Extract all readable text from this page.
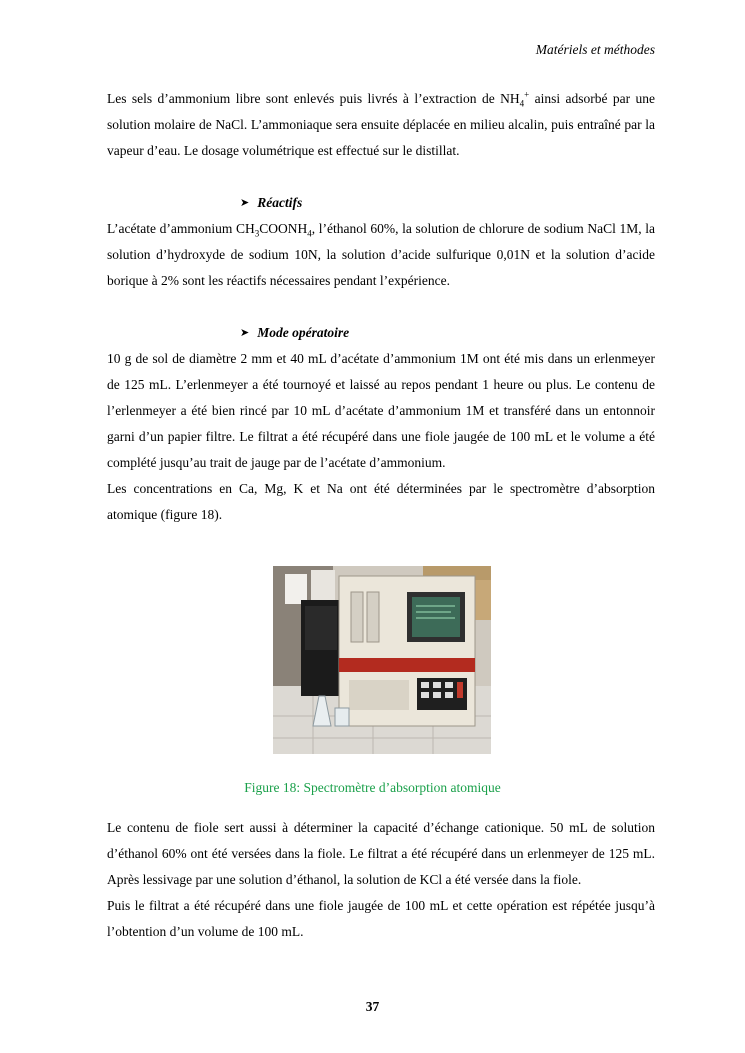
Matériels et méthodes

Les sels d’ammonium libre sont enlevés puis livrés à l’extraction de $NH_4^+$ ainsi adsorbé par une solution molaire de NaCl. L’ammoniaque sera ensuite déplacée en milieu alcalin, puis entraîné par la vapeur d’eau. Le dosage volumétrique est effectué sur le distillat.

➤ Réactifs

L’acétate d’ammonium $CH_3COONH_4$, l’éthanol 60%, la solution de chlorure de sodium NaCl 1M, la solution d’hydroxyde de sodium 10N, la solution d’acide sulfurique 0,01N et la solution d’acide borique à 2% sont les réactifs nécessaires pendant l’expérience.

➤ Mode opératoire

10 g de sol de diamètre 2 mm et 40 mL d’acétate d’ammonium 1M ont été mis dans un erlenmeyer de 125 mL. L’erlenmeyer a été tournoyé et laissé au repos pendant 1 heure ou plus. Le contenu de l’erlenmeyer a été bien rincé par 10 mL d’acétate d’ammonium 1M et transféré dans un entonnoir garni d’un papier filtre. Le filtrat a été récupéré dans une fiole jaugée de 100 mL et le volume a été complété jusqu’au trait de jauge par de l’acétate d’ammonium.

Les concentrations en Ca, Mg, K et Na ont été déterminées par le spectromètre d’absorption atomique (figure 18).

Figure 18: Spectromètre d’absorption atomique

Le contenu de fiole sert aussi à déterminer la capacité d’échange cationique. 50 mL de solution d’éthanol 60% ont été versées dans la fiole. Le filtrat a été récupéré dans un erlenmeyer de 125 mL. Après lessivage par une solution d’éthanol, la solution de KCl a été versée dans la fiole.

Puis le filtrat a été récupéré dans une fiole jaugée de 100 mL et cette opération est répétée jusqu’à l’obtention d’un volume de 100 mL.

37
